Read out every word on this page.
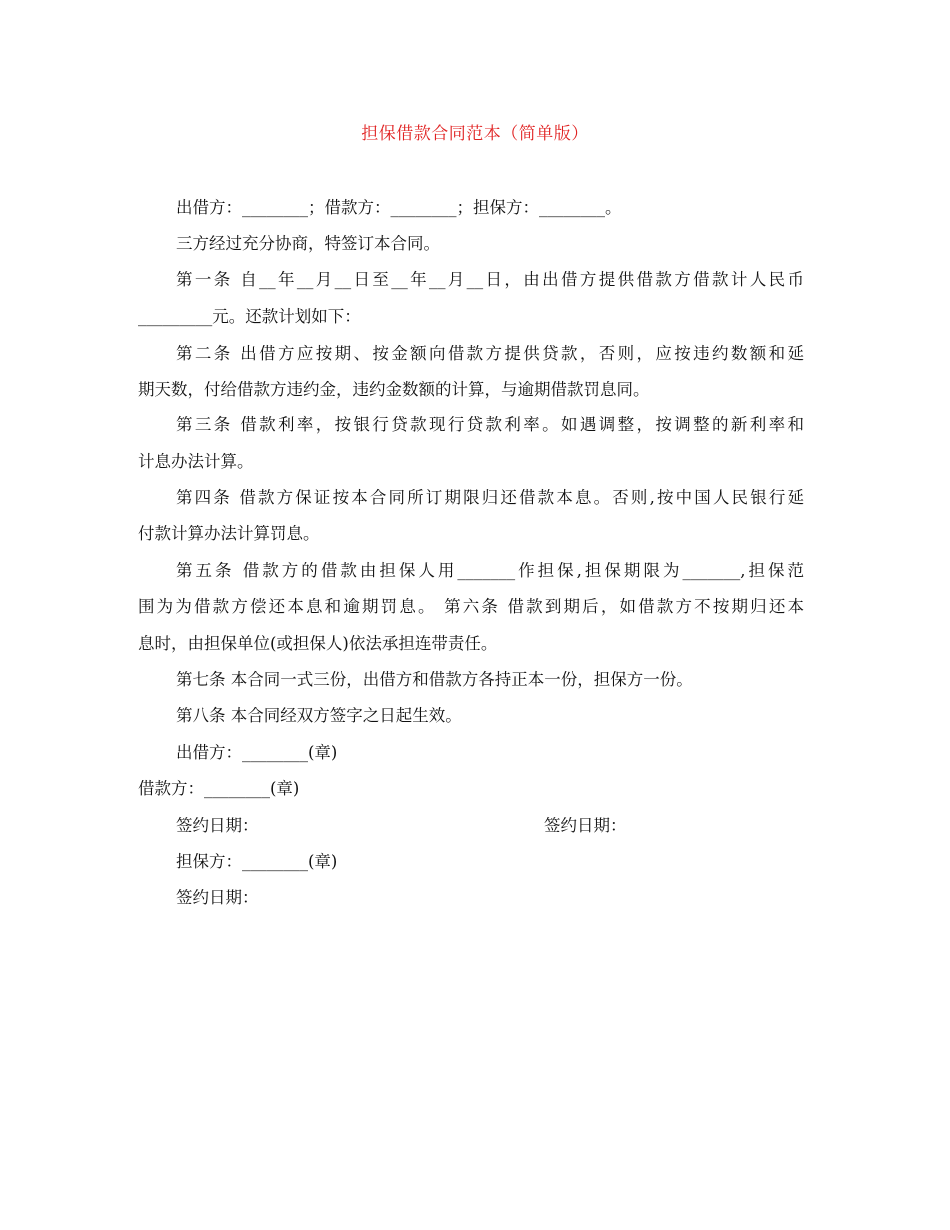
担保借款合同范本（简单版）
出借方：________；借款方：________；担保方：________。
三方经过充分协商，特签订本合同。
第一条 自__年__月__日至__年__月__日，由出借方提供借款方借款计人民币
_________元。还款计划如下：
第二条 出借方应按期、按金额向借款方提供贷款，否则，应按违约数额和延
期天数，付给借款方违约金，违约金数额的计算，与逾期借款罚息同。
第三条 借款利率，按银行贷款现行贷款利率。如遇调整，按调整的新利率和
计息办法计算。
第四条 借款方保证按本合同所订期限归还借款本息。否则,按中国人民银行延
付款计算办法计算罚息。
第五条 借款方的借款由担保人用_______作担保,担保期限为_______,担保范
围为为借款方偿还本息和逾期罚息。 第六条 借款到期后，如借款方不按期归还本
息时，由担保单位(或担保人)依法承担连带责任。
第七条 本合同一式三份，出借方和借款方各持正本一份，担保方一份。
第八条 本合同经双方签字之日起生效。
出借方：________(章)
借款方：________(章)
签约日期：	签约日期：
担保方：________(章)
签约日期：
